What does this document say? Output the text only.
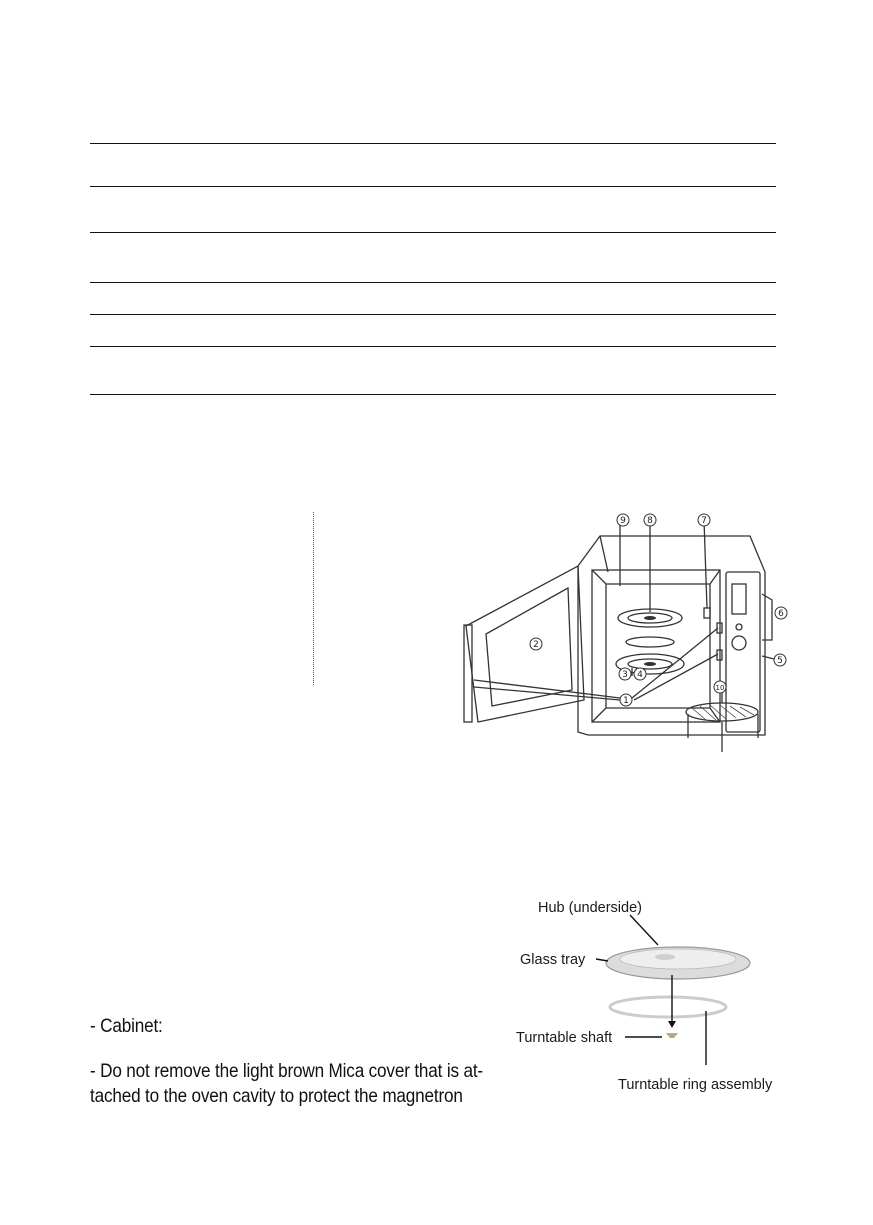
1
2
3 4
5
6
7
8
9
10
Hub (underside)
Glass tray
Turntable shaft
Turntable ring assembly
- Cabinet:
- Do not remove the light brown Mica cover that is at-
tached to the oven cavity to protect the magnetron
